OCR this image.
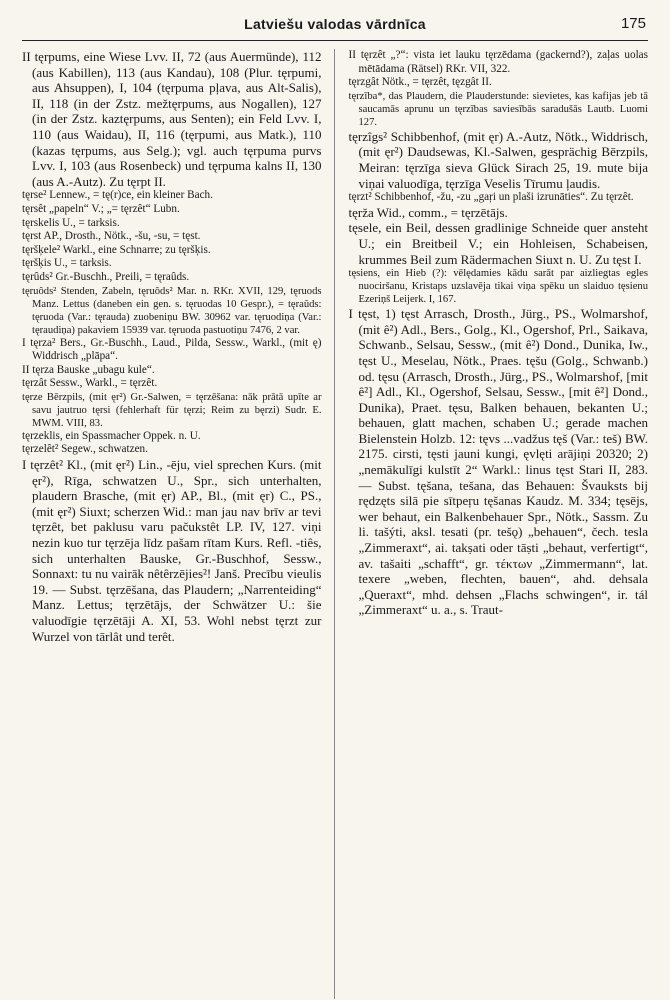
Latviešu valodas vārdnīca	175

II tęrpums, eine Wiese Lvv. II, 72 (aus Auermünde), 112 (aus Kabillen), 113 (aus Kandau), 108 (Plur. tęrpumi, aus Ahsuppen), I, 104 (tęrpuma pļava, aus Alt-Salis), II, 118 (in der Zstz. mežtęrpums, aus Nogallen), 127 (in der Zstz. kaztęrpums, aus Senten); ein Feld Lvv. I, 110 (aus Waidau), II, 116 (tęrpumi, aus Matk.), 110 (kazas tęrpums, aus Selg.); vgl. auch tęrpuma purvs Lvv. I, 103 (aus Rosenbeck) und tęrpuma kalns II, 130 (aus A.-Autz). Zu tęrpt II.

tęrse² Lennew., = tę(r)ce, ein kleiner Bach.

tęrsêt „papeln“ V.; „= tęrzêt“ Lubn.

tęrskelis U., = tarksis.

tęrst AP., Drosth., Nötk., -šu, -su, = tęst.

tęršķele² Warkl., eine Schnarre; zu tęršķis.

tęršķis U., = tarksis.

tęrûds² Gr.-Buschh., Preili, = tęraûds.

tęruôds² Stenden, Zabeln, tęruôds² Mar. n. RKr. XVII, 129, tęruods Manz. Lettus (daneben ein gen. s. tęruodas 10 Gespr.), = tęraûds: tęruoda (Var.: tęrauda) zuobeniņu BW. 30962 var. tęruodiņa (Var.: tęraudiņa) pakaviem 15939 var. tęruoda pastuotiņu 7476, 2 var.

I tęrza² Bers., Gr.-Buschh., Laud., Pilda, Sessw., Warkl., (mit ę) Widdrisch „plāpa“.

II tęrza Bauske „ubagu kule“.

tęrzât Sessw., Warkl., = tęrzêt.

tęrze Bērzpils, (mit ęr²) Gr.-Salwen, = tęrzēšana: nāk prātā upīte ar savu jautruo tęrsi (fehlerhaft für tęrzi; Reim zu bęrzi) Sudr. E. MWM. VIII, 83.

tęrzeklis, ein Spassmacher Oppek. n. U.

tęrzelêt² Segew., schwatzen.

I tęrzêt² Kl., (mit ęr²) Lin., -ēju, viel sprechen Kurs. (mit ęr²), Rīga, schwatzen U., Spr., sich unterhalten, plaudern Brasche, (mit ęr) AP., Bl., (mit ęr) C., PS., (mit ęr²) Siuxt; scherzen Wid.: man jau nav brīv ar tevi tęrzêt, bet paklusu varu pačukstêt LP. IV, 127. viņi nezin kuo tur tęrzēja līdz pašam rītam Kurs. Refl. -tiês, sich unterhalten Bauske, Gr.-Buschhof, Sessw., Sonnaxt: tu nu vairāk nêtêrzējies²! Janš. Precību vieulis 19. — Subst. tęrzēšana, das Plaudern; „Narrenteiding“ Manz. Lettus; tęrzētājs, der Schwätzer U.: šie valuodīgie tęrzētāji A. XI, 53. Wohl nebst tęrzt zur Wurzel von tārlât und terêt.

II tęrzêt „?“: vista iet lauku tęrzēdama (gackernd?), zaļas uolas mētādama (Rätsel) RKr. VII, 322.

tęrzgât Nötk., = tęrzêt, tęzgât II.

tęrzība*, das Plaudern, die Plauderstunde: sievietes, kas kafijas jeb tā saucamās aprunu un tęrzības saviesībās saradušās Lautb. Luomi 127.

tęrzîgs² Schibbenhof, (mit ęr) A.-Autz, Nötk., Widdrisch, (mit ęr²) Daudsewas, Kl.-Salwen, gesprächig Bērzpils, Meiran: tęrzīga sieva Glück Sirach 25, 19. mute bija viņai valuodīga, tęrzīga Veselis Tīrumu ļaudis.

tęrzt² Schibbenhof, -žu, -zu „gaŗi un plaši izrunāties“. Zu tęrzêt.

tęrža Wid., comm., = tęrzētājs.

tęsele, ein Beil, dessen gradlinige Schneide quer ansteht U.; ein Breitbeil V.; ein Hohleisen, Schabeisen, krummes Beil zum Rädermachen Siuxt n. U. Zu tęst I.

tęsiens, ein Hieb (?): vēlędamies kādu sarāt par aizliegtas egles nuociršanu, Kristaps uzslavēja tikai viņa spēku un slaiduo tęsienu Ezeriņš Leijerk. I, 167.

I tęst, 1) tęst Arrasch, Drosth., Jürg., PS., Wolmarshof, (mit ê²) Adl., Bers., Golg., Kl., Ogershof, Prl., Saikava, Schwanb., Selsau, Sessw., (mit ê²) Dond., Dunika, Iw., tęst U., Meselau, Nötk., Praes. tęšu (Golg., Schwanb.) od. tęsu (Arrasch, Drosth., Jürg., PS., Wolmarshof, [mit ê²] Adl., Kl., Ogershof, Selsau, Sessw., [mit ê²] Dond., Dunika), Praet. tęsu, Balken behauen, bekanten U.; behauen, glatt machen, schaben U.; gerade machen Bielenstein Holzb. 12: tęvs ...vadžus tęš (Var.: teš) BW. 2175. cirsti, tęsti jauni kungi, ęvlęti arājiņi 20320; 2) „nemākulīgi kulstīt 2“ Warkl.: linus tęst Stari II, 283. — Subst. tęšana, tešana, das Behauen: Švauksts bij rędzęts silā pie sītpeŗu tęšanas Kaudz. M. 334; tęsējs, wer behaut, ein Balkenbehauer Spr., Nötk., Sassm. Zu li. tašýti, aksl. tesati (pr. tešǫ) „behauen“, čech. tesla „Zimmeraxt“, ai. takṣati oder tāṣti „behaut, verfertigt“, av. tašaiti „schafft“, gr. τέκτων „Zimmermann“, lat. texere „weben, flechten, bauen“, ahd. dehsala „Queraxt“, mhd. dehsen „Flachs schwingen“, ir. tál „Zimmeraxt“ u. a., s. Traut-
